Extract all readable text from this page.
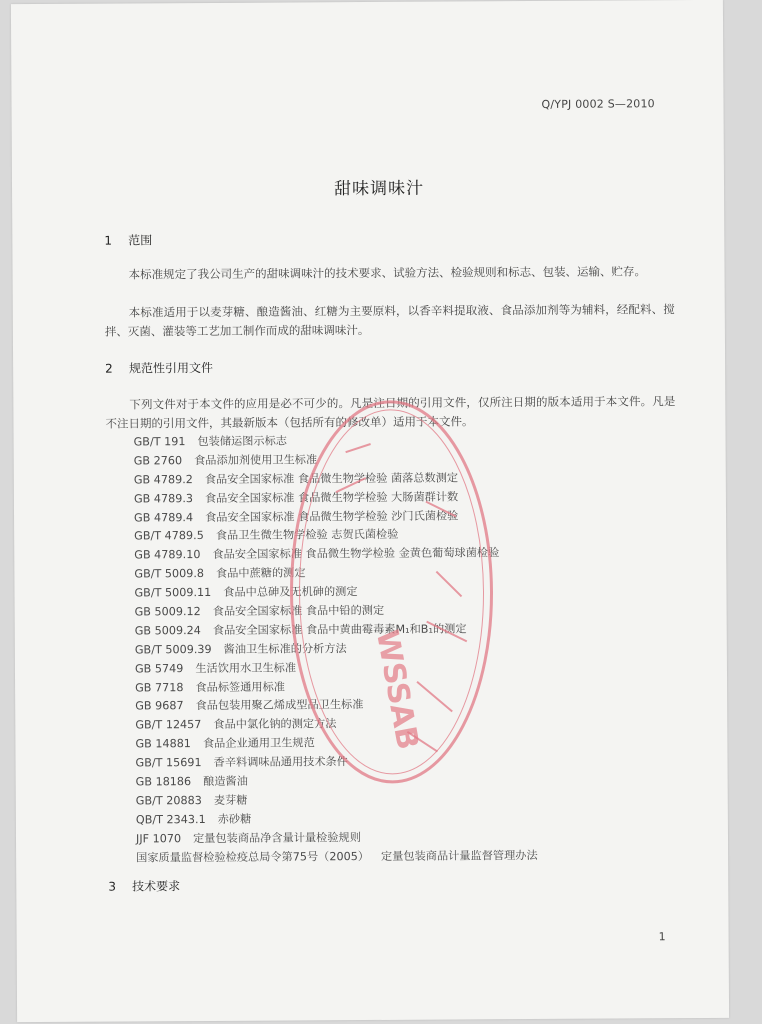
Q/YPJ 0002 S—2010
甜味调味汁
1 范围
本标准规定了我公司生产的甜味调味汁的技术要求、试验方法、检验规则和标志、包装、运输、贮存。
本标准适用于以麦芽糖、酿造酱油、红糖为主要原料，以香辛料提取液、食品添加剂等为辅料，经配料、搅拌、灭菌、灌装等工艺加工制作而成的甜味调味汁。
2 规范性引用文件
下列文件对于本文件的应用是必不可少的。凡是注日期的引用文件，仅所注日期的版本适用于本文件。凡是不注日期的引用文件，其最新版本（包括所有的修改单）适用于本文件。
GB/T 191 包装储运图示标志
GB 2760 食品添加剂使用卫生标准
GB 4789.2 食品安全国家标准 食品微生物学检验 菌落总数测定
GB 4789.3 食品安全国家标准 食品微生物学检验 大肠菌群计数
GB 4789.4 食品安全国家标准 食品微生物学检验 沙门氏菌检验
GB/T 4789.5 食品卫生微生物学检验 志贺氏菌检验
GB 4789.10 食品安全国家标准 食品微生物学检验 金黄色葡萄球菌检验
GB/T 5009.8 食品中蔗糖的测定
GB/T 5009.11 食品中总砷及无机砷的测定
GB 5009.12 食品安全国家标准 食品中铅的测定
GB 5009.24 食品安全国家标准 食品中黄曲霉毒素M₁和B₁的测定
GB/T 5009.39 酱油卫生标准的分析方法
GB 5749 生活饮用水卫生标准
GB 7718 食品标签通用标准
GB 9687 食品包装用聚乙烯成型品卫生标准
GB/T 12457 食品中氯化钠的测定方法
GB 14881 食品企业通用卫生规范
GB/T 15691 香辛料调味品通用技术条件
GB 18186 酿造酱油
GB/T 20883 麦芽糖
QB/T 2343.1 赤砂糖
JJF 1070 定量包装商品净含量计量检验规则
国家质量监督检验检疫总局令第75号（2005） 定量包装商品计量监督管理办法
3 技术要求
1
WSSAB
